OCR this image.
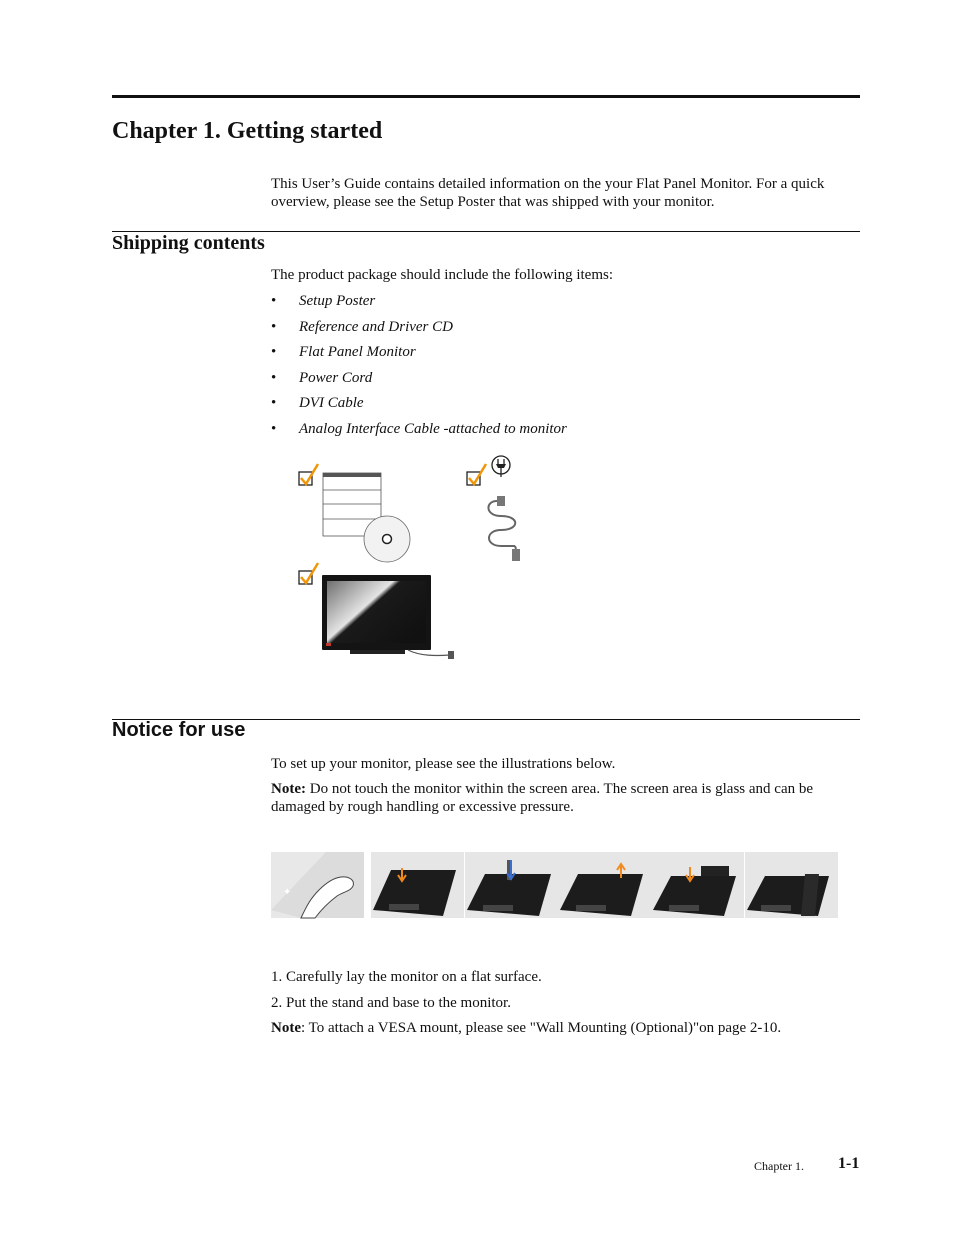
Chapter 1. Getting started

This User’s Guide contains detailed information on the your Flat Panel Monitor. For a quick overview, please see the Setup Poster that was shipped with your monitor.

Shipping contents

The product package should include the following items:

• Setup Poster
• Reference and Driver CD
• Flat Panel Monitor
• Power Cord
• DVI Cable
• Analog Interface Cable -attached to monitor
Notice for use

To set up your monitor, please see the illustrations below.

Note: Do not touch the monitor within the screen area. The screen area is glass and can be damaged by rough handling or excessive pressure.

✦

1. Carefully lay the monitor on a flat surface.

2. Put the stand and base to the monitor.

Note: To attach a VESA mount, please see "Wall Mounting (Optional)"on page 2-10.

Chapter 1. 1-1
